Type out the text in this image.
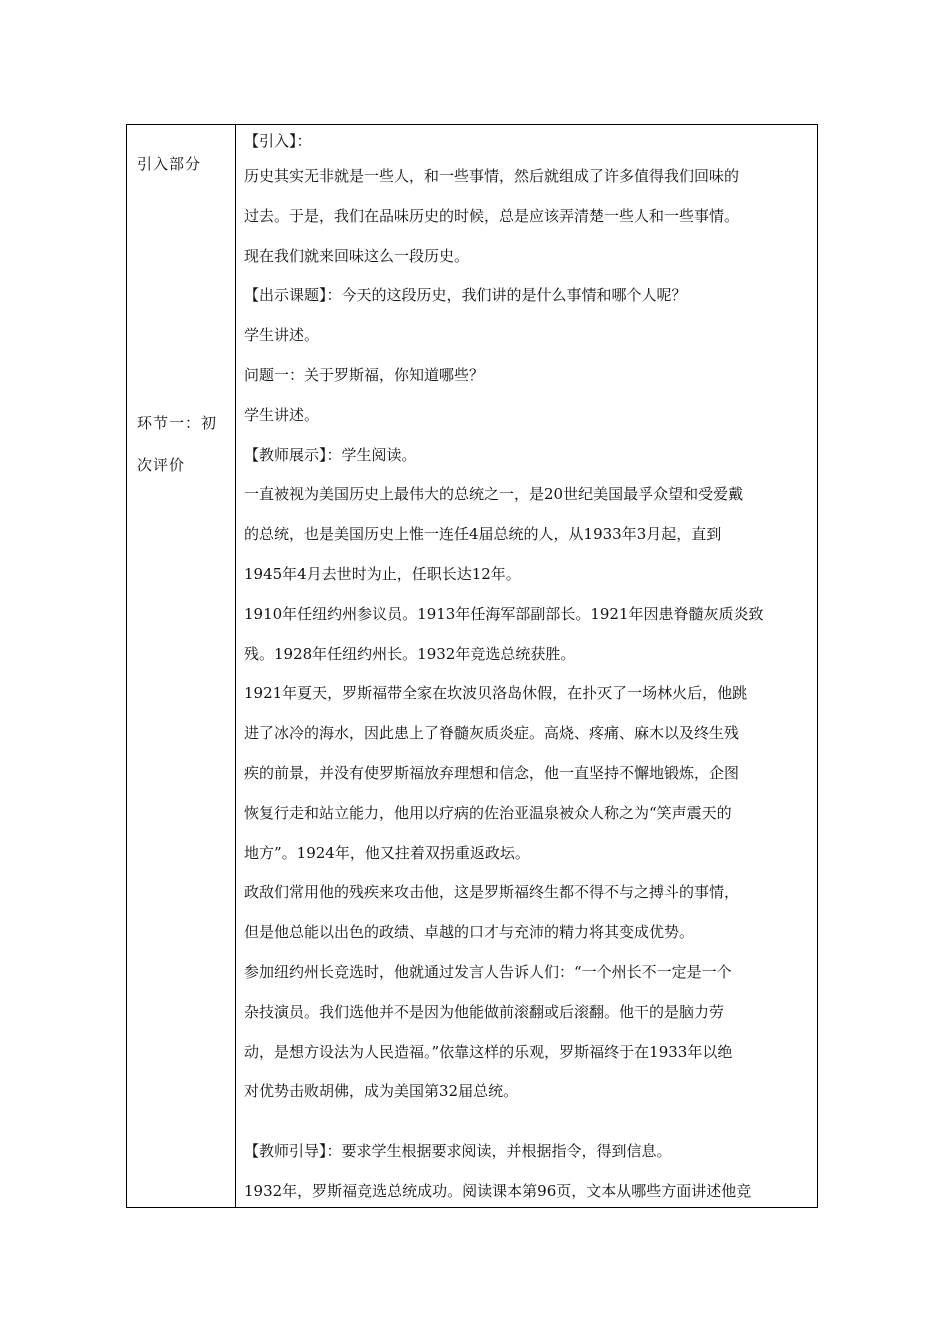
引入部分
环节一：初
次评价
【引入】：
历史其实无非就是一些人，和一些事情，然后就组成了许多值得我们回味的
过去。于是，我们在品味历史的时候，总是应该弄清楚一些人和一些事情。
现在我们就来回味这么一段历史。
【出示课题】：今天的这段历史，我们讲的是什么事情和哪个人呢？
学生讲述。
问题一：关于罗斯福，你知道哪些？
学生讲述。
【教师展示】：学生阅读。
一直被视为美国历史上最伟大的总统之一，是20世纪美国最孚众望和受爱戴
的总统，也是美国历史上惟一连任4届总统的人，从1933年3月起，直到
1945年4月去世时为止，任职长达12年。
1910年任纽约州参议员。1913年任海军部副部长。1921年因患脊髓灰质炎致
残。1928年任纽约州长。1932年竞选总统获胜。
1921年夏天，罗斯福带全家在坎波贝洛岛休假，在扑灭了一场林火后，他跳
进了冰冷的海水，因此患上了脊髓灰质炎症。高烧、疼痛、麻木以及终生残
疾的前景，并没有使罗斯福放弃理想和信念，他一直坚持不懈地锻炼，企图
恢复行走和站立能力，他用以疗病的佐治亚温泉被众人称之为“笑声震天的
地方”。1924年，他又拄着双拐重返政坛。
政敌们常用他的残疾来攻击他，这是罗斯福终生都不得不与之搏斗的事情，
但是他总能以出色的政绩、卓越的口才与充沛的精力将其变成优势。
参加纽约州长竞选时，他就通过发言人告诉人们：“一个州长不一定是一个
杂技演员。我们选他并不是因为他能做前滚翻或后滚翻。他干的是脑力劳
动，是想方设法为人民造福。”依靠这样的乐观，罗斯福终于在1933年以绝
对优势击败胡佛，成为美国第32届总统。
【教师引导】：要求学生根据要求阅读，并根据指令，得到信息。
1932年，罗斯福竞选总统成功。阅读课本第96页，文本从哪些方面讲述他竞
